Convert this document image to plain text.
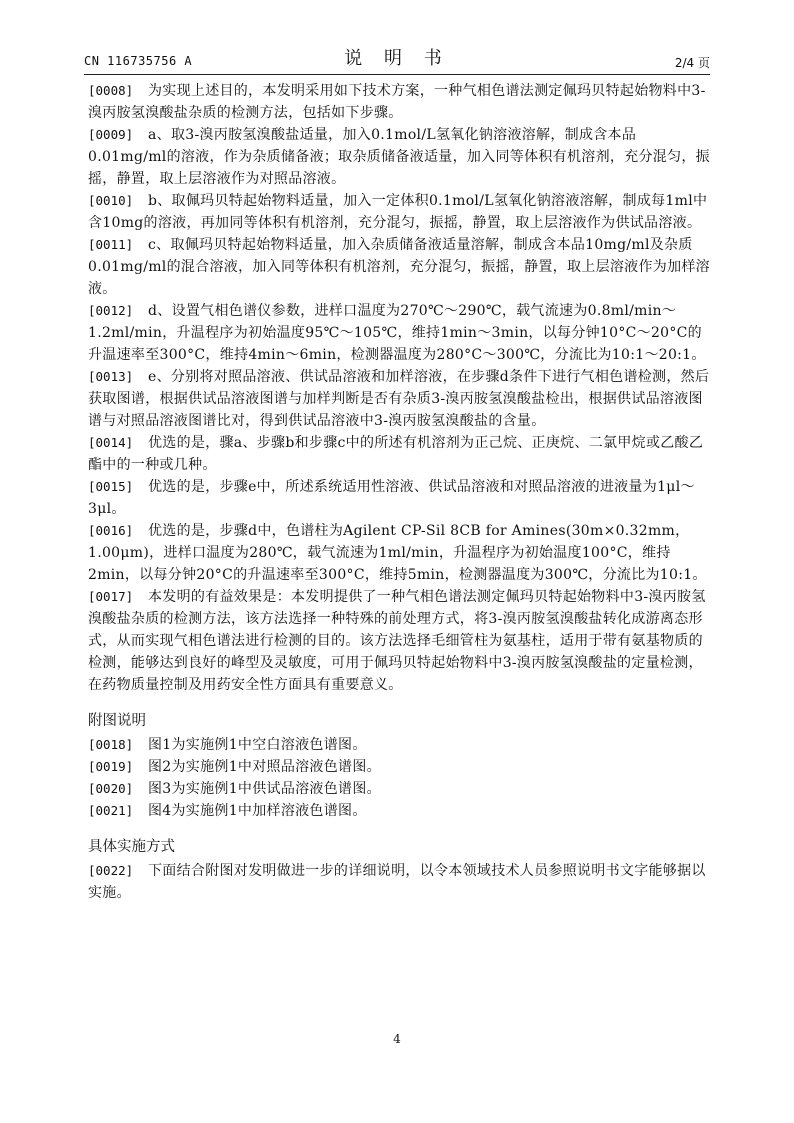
CN 116735756 A	说 明 书	2/4 页
[0008] 为实现上述目的，本发明采用如下技术方案，一种气相色谱法测定佩玛贝特起始物料中3-溴丙胺氢溴酸盐杂质的检测方法，包括如下步骤。
[0009] a、取3-溴丙胺氢溴酸盐适量，加入0.1mol/L氢氧化钠溶液溶解，制成含本品0.01mg/ml的溶液，作为杂质储备液；取杂质储备液适量，加入同等体积有机溶剂，充分混匀，振摇，静置，取上层溶液作为对照品溶液。
[0010] b、取佩玛贝特起始物料适量，加入一定体积0.1mol/L氢氧化钠溶液溶解，制成每1ml中含10mg的溶液，再加同等体积有机溶剂，充分混匀，振摇，静置，取上层溶液作为供试品溶液。
[0011] c、取佩玛贝特起始物料适量，加入杂质储备液适量溶解，制成含本品10mg/ml及杂质0.01mg/ml的混合溶液，加入同等体积有机溶剂，充分混匀，振摇，静置，取上层溶液作为加样溶液。
[0012] d、设置气相色谱仪参数，进样口温度为270℃～290℃，载气流速为0.8ml/min～1.2ml/min，升温程序为初始温度95℃～105℃，维持1min～3min，以每分钟10°C～20°C的升温速率至300°C，维持4min～6min，检测器温度为280°C～300℃，分流比为10:1～20:1。
[0013] e、分别将对照品溶液、供试品溶液和加样溶液，在步骤d条件下进行气相色谱检测，然后获取图谱，根据供试品溶液图谱与加样判断是否有杂质3-溴丙胺氢溴酸盐检出，根据供试品溶液图谱与对照品溶液图谱比对，得到供试品溶液中3-溴丙胺氢溴酸盐的含量。
[0014] 优选的是，骤a、步骤b和步骤c中的所述有机溶剂为正己烷、正庚烷、二氯甲烷或乙酸乙酯中的一种或几种。
[0015] 优选的是，步骤e中，所述系统适用性溶液、供试品溶液和对照品溶液的进液量为1μl～3μl。
[0016] 优选的是，步骤d中，色谱柱为Agilent CP-Sil 8CB for Amines(30m×0.32mm，1.00μm)，进样口温度为280℃，载气流速为1ml/min，升温程序为初始温度100°C，维持2min，以每分钟20°C的升温速率至300°C，维持5min，检测器温度为300℃，分流比为10:1。
[0017] 本发明的有益效果是：本发明提供了一种气相色谱法测定佩玛贝特起始物料中3-溴丙胺氢溴酸盐杂质的检测方法，该方法选择一种特殊的前处理方式，将3-溴丙胺氢溴酸盐转化成游离态形式，从而实现气相色谱法进行检测的目的。该方法选择毛细管柱为氨基柱，适用于带有氨基物质的检测，能够达到良好的峰型及灵敏度，可用于佩玛贝特起始物料中3-溴丙胺氢溴酸盐的定量检测，在药物质量控制及用药安全性方面具有重要意义。
附图说明
[0018] 图1为实施例1中空白溶液色谱图。
[0019] 图2为实施例1中对照品溶液色谱图。
[0020] 图3为实施例1中供试品溶液色谱图。
[0021] 图4为实施例1中加样溶液色谱图。
具体实施方式
[0022] 下面结合附图对发明做进一步的详细说明，以令本领域技术人员参照说明书文字能够据以实施。
4
